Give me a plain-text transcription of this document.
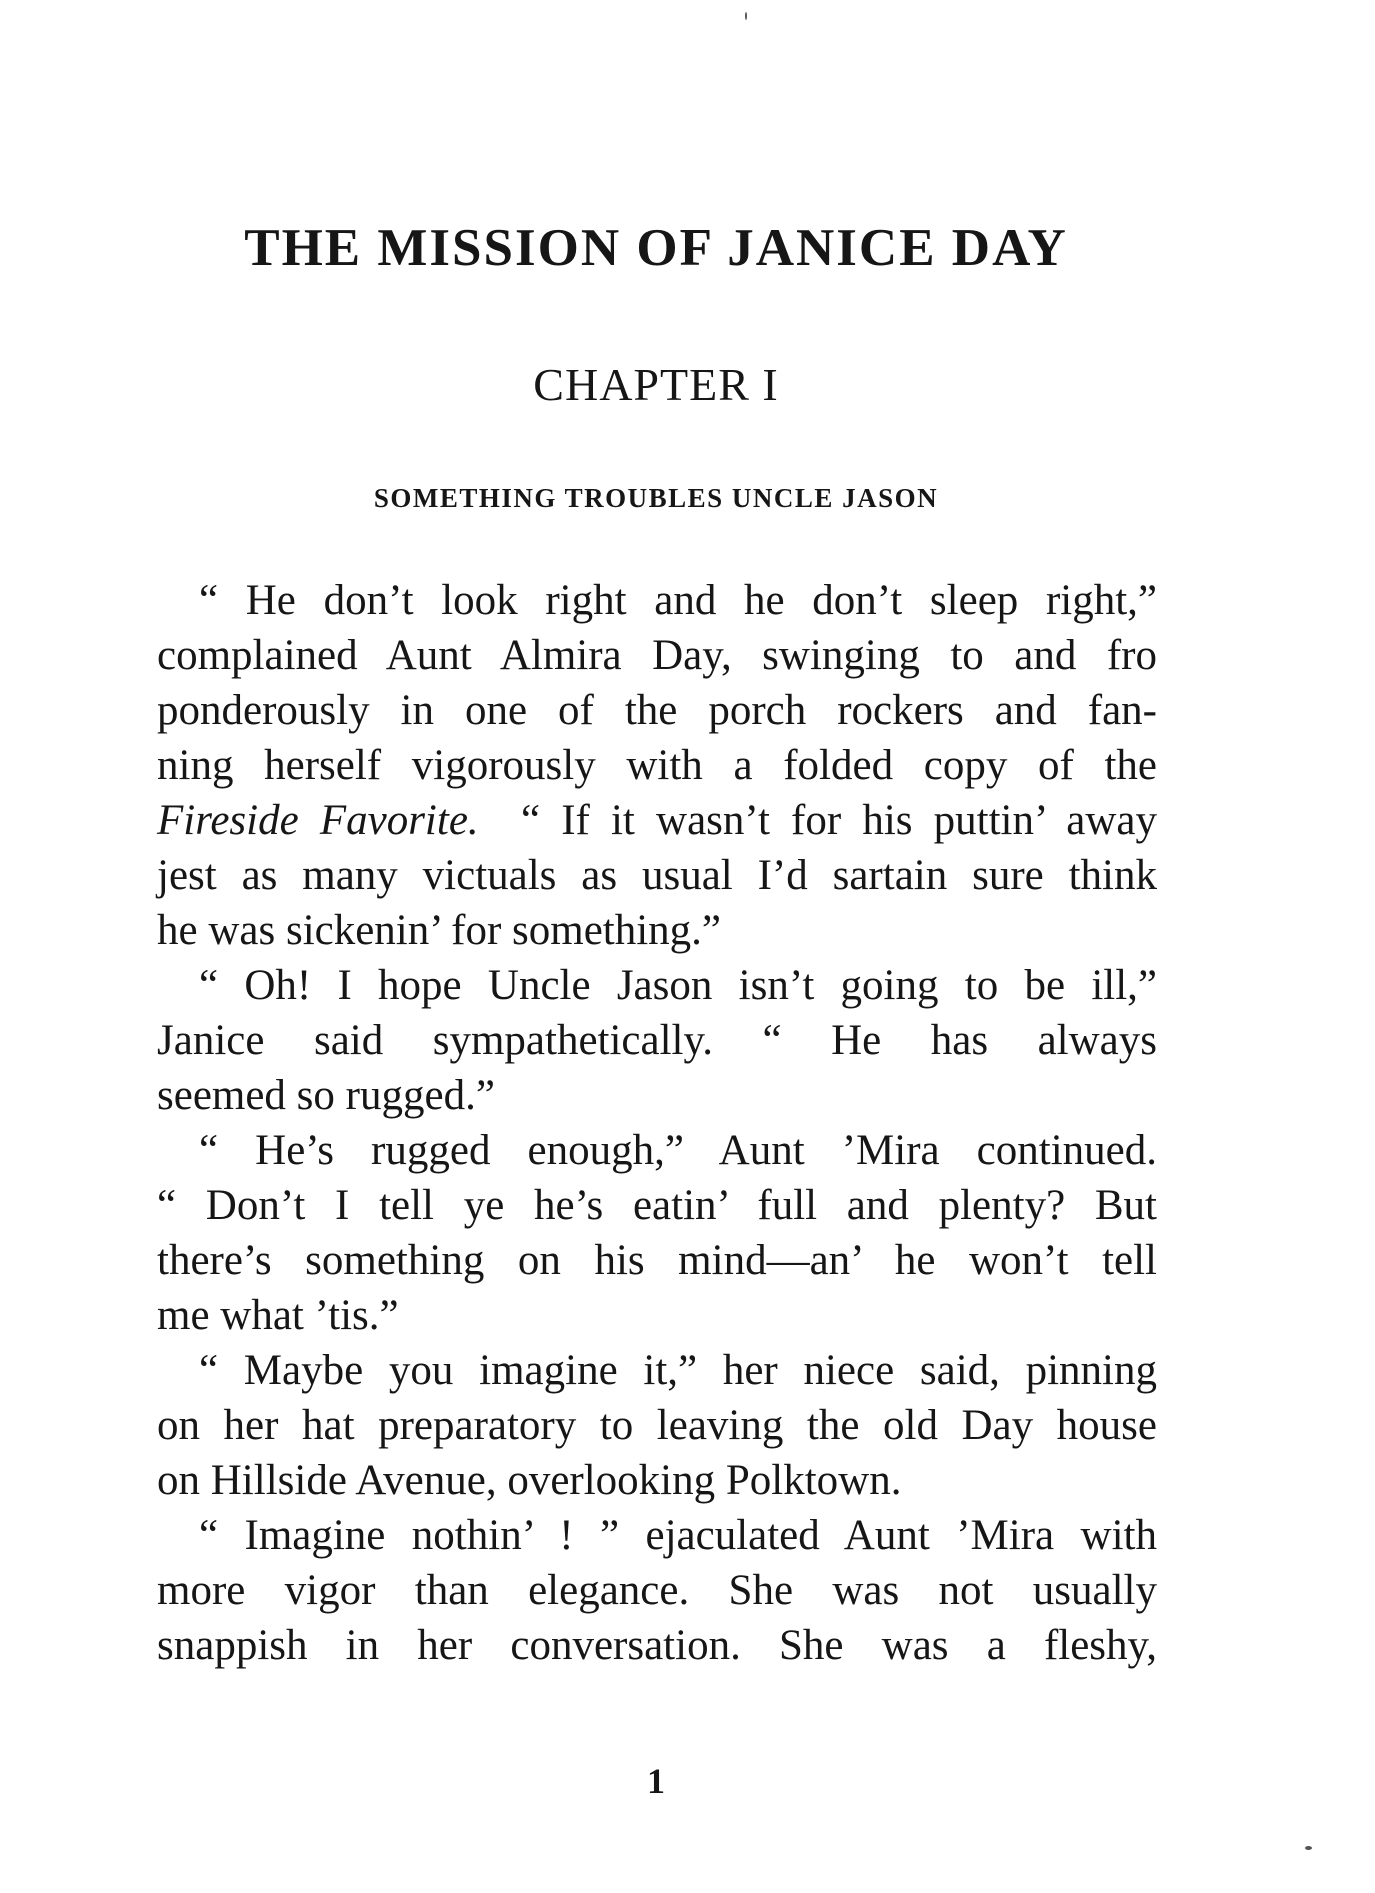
THE MISSION OF JANICE DAY
CHAPTER I
SOMETHING TROUBLES UNCLE JASON
“ He don’t look right and he don’t sleep right,”
complained Aunt Almira Day, swinging to and fro
ponderously in one of the porch rockers and fan-
ning herself vigorously with a folded copy of the
Fireside Favorite. “ If it wasn’t for his puttin’ away
jest as many victuals as usual I’d sartain sure think
he was sickenin’ for something.”
“ Oh! I hope Uncle Jason isn’t going to be ill,”
Janice said sympathetically. “ He has always
seemed so rugged.”
“ He’s rugged enough,” Aunt ’Mira continued.
“ Don’t I tell ye he’s eatin’ full and plenty? But
there’s something on his mind—an’ he won’t tell
me what ’tis.”
“ Maybe you imagine it,” her niece said, pinning
on her hat preparatory to leaving the old Day house
on Hillside Avenue, overlooking Polktown.
“ Imagine nothin’ ! ” ejaculated Aunt ’Mira with
more vigor than elegance. She was not usually
snappish in her conversation. She was a fleshy,
1
